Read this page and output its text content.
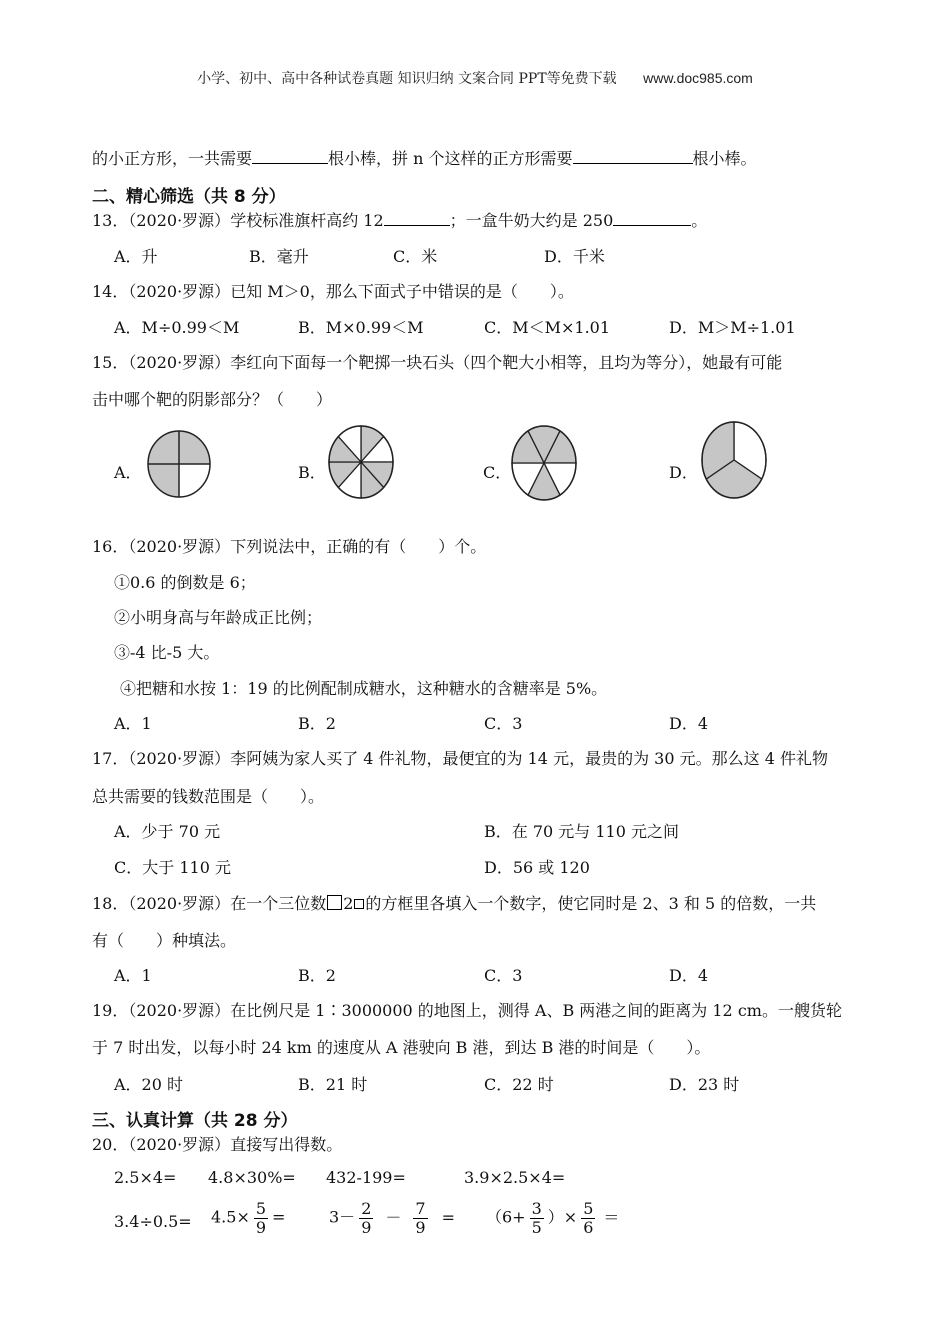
小学、初中、高中各种试卷真题 知识归纳 文案合同 PPT等免费下载 www.doc985.com
的小正方形，一共需要	根小棒，拼 n 个这样的正方形需要	根小棒。
二、精心筛选（共 8 分）
13．（2020·罗源）学校标准旗杆高约 12	；一盒牛奶大约是 250	。
A．升	B．毫升	C．米	D．千米
14．（2020·罗源）已知 M＞0，那么下面式子中错误的是（　　）。
A．M÷0.99＜M	B．M×0.99＜M	C．M＜M×1.01	D．M＞M÷1.01
15．（2020·罗源）李红向下面每一个靶掷一块石头（四个靶大小相等，且均为等分），她最有可能
击中哪个靶的阴影部分？（　　）
A．	B．	C．	D．
16．（2020·罗源）下列说法中，正确的有（　　）个。
①0.6 的倒数是 6；
②小明身高与年龄成正比例；
③-4 比-5 大。
④把糖和水按 1：19 的比例配制成糖水，这种糖水的含糖率是 5%。
A．1	B．2	C．3	D．4
17．（2020·罗源）李阿姨为家人买了 4 件礼物，最便宜的为 14 元，最贵的为 30 元。那么这 4 件礼物
总共需要的钱数范围是（　　）。
A．少于 70 元	B．在 70 元与 110 元之间
C．大于 110 元	D．56 或 120
18．（2020·罗源）在一个三位数 2 的方框里各填入一个数字，使它同时是 2、3 和 5 的倍数，一共
有（　　）种填法。
A．1	B．2	C．3	D．4
19．（2020·罗源）在比例尺是 1∶3000000 的地图上，测得 A、B 两港之间的距离为 12 cm。一艘货轮
于 7 时出发，以每小时 24 km 的速度从 A 港驶向 B 港，到达 B 港的时间是（　　）。
A．20 时	B．21 时	C．22 时	D．23 时
三、认真计算（共 28 分）
20．（2020·罗源）直接写出得数。
2.5×4= 4.8×30%= 432-199=	3.9×2.5×4=
$3.4\div 0.5= 4.5\times \frac{5}{9}$ =	$3- \frac{2}{9} - \frac{7}{9} = (6+ \frac{3}{5}$ ）× $\frac{5}{6}$ ＝
